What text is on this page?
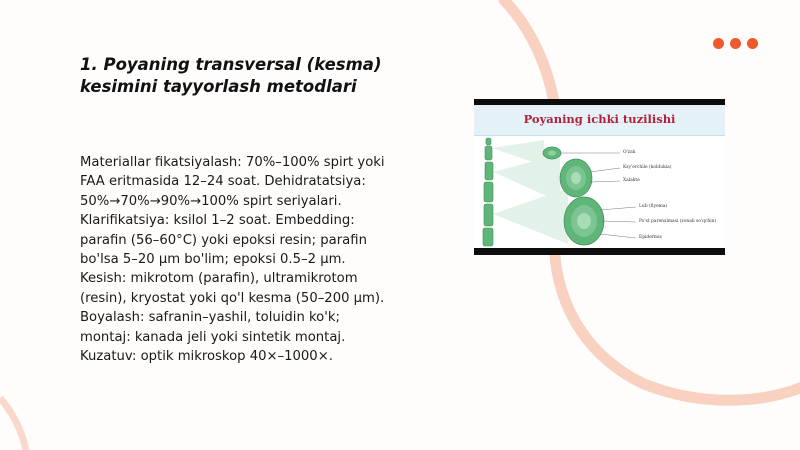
1. Poyaning transversal (kesma)
kesimini tayyorlash metodlari
Materiallar fikatsiyalash: 70%–100% spirt yoki
FAA eritmasida 12–24 soat. Dehidratatsiya:
50%→70%→90%→100% spirt seriyalari.
Klarifikatsiya: ksilol 1–2 soat. Embedding:
parafin (56–60°C) yoki epoksi resin; parafin
bo'lsa 5–20 μm bo'lim; epoksi 0.5–2 μm.
Kesish: mikrotom (parafin), ultramikrotom
(resin), kryostat yoki qo'l kesma (50–200 μm).
Boyalash: safranin–yashil, toluidin ko'k;
montaj: kanada jeli yoki sintetik montaj.
Kuzatuv: optik mikroskop 40×–1000×.
Poyaning ichki tuzilishi
O'zak
Ksy'erchile (koldukia)
Xalakte
Lub (fiyema)
Po'st parenximasi (zonali so'qchin)
Epidermis
